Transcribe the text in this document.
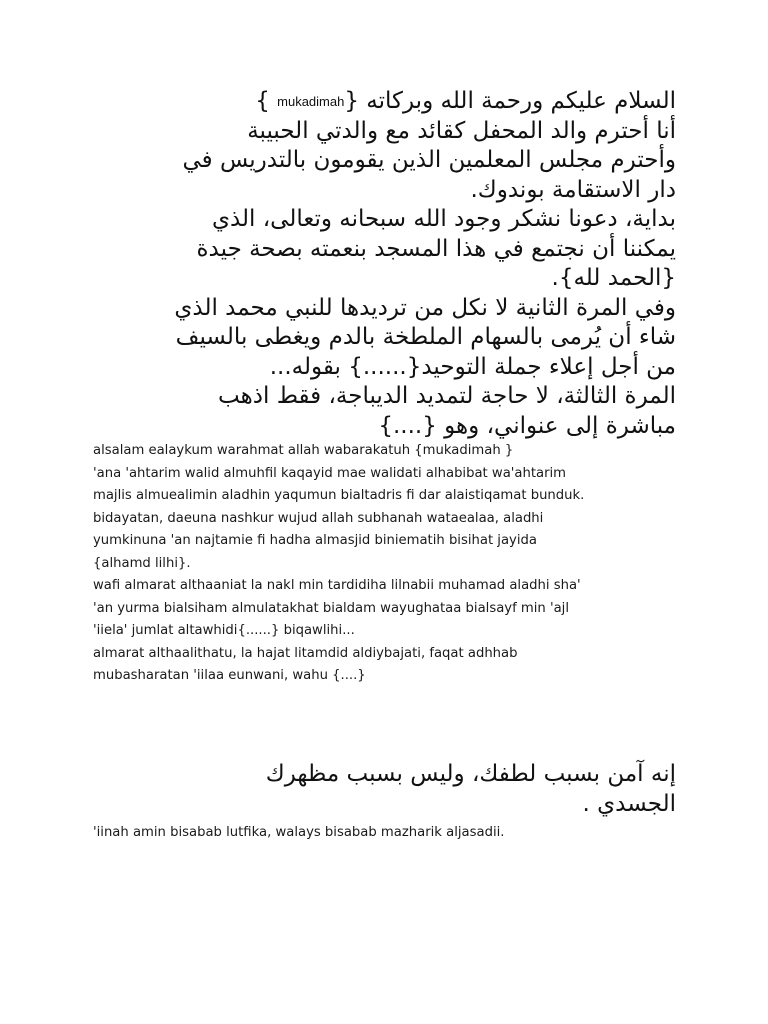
السلام عليكم ورحمة الله وبركاته {mukadimah }
أنا أحترم والد المحفل كقائد مع والدتي الحبيبة
وأحترم مجلس المعلمين الذين يقومون بالتدريس في
دار الاستقامة بوندوك.
بداية، دعونا نشكر وجود الله سبحانه وتعالى، الذي
يمكننا أن نجتمع في هذا المسجد بنعمته بصحة جيدة
{الحمد لله}.
وفي المرة الثانية لا نكل من ترديدها للنبي محمد الذي
شاء أن يُرمى بالسهام الملطخة بالدم ويغطى بالسيف
من أجل إعلاء جملة التوحيد{......} بقوله...
المرة الثالثة، لا حاجة لتمديد الديباجة، فقط اذهب
مباشرة إلى عنواني، وهو {....}
alsalam ealaykum warahmat allah wabarakatuh {mukadimah }
'ana 'ahtarim walid almuhfil kaqayid mae walidati alhabibat wa'ahtarim
majlis almuealimin aladhin yaqumun bialtadris fi dar alaistiqamat bunduk.
bidayatan, daeuna nashkur wujud allah subhanah wataealaa, aladhi
yumkinuna 'an najtamie fi hadha almasjid biniematih bisihat jayida
{alhamd lilhi}.
wafi almarat althaaniat la nakl min tardidiha lilnabii muhamad aladhi sha'
'an yurma bialsiham almulatakhat bialdam wayughataa bialsayf min 'ajl
'iiela' jumlat altawhidi{......} biqawlihi...
almarat althaalithatu, la hajat litamdid aldiybajati, faqat adhhab
mubasharatan 'iilaa eunwani, wahu {....}
إنه آمن بسبب لطفك، وليس بسبب مظهرك
الجسدي .
'iinah amin bisabab lutfika, walays bisabab mazharik aljasadii.
